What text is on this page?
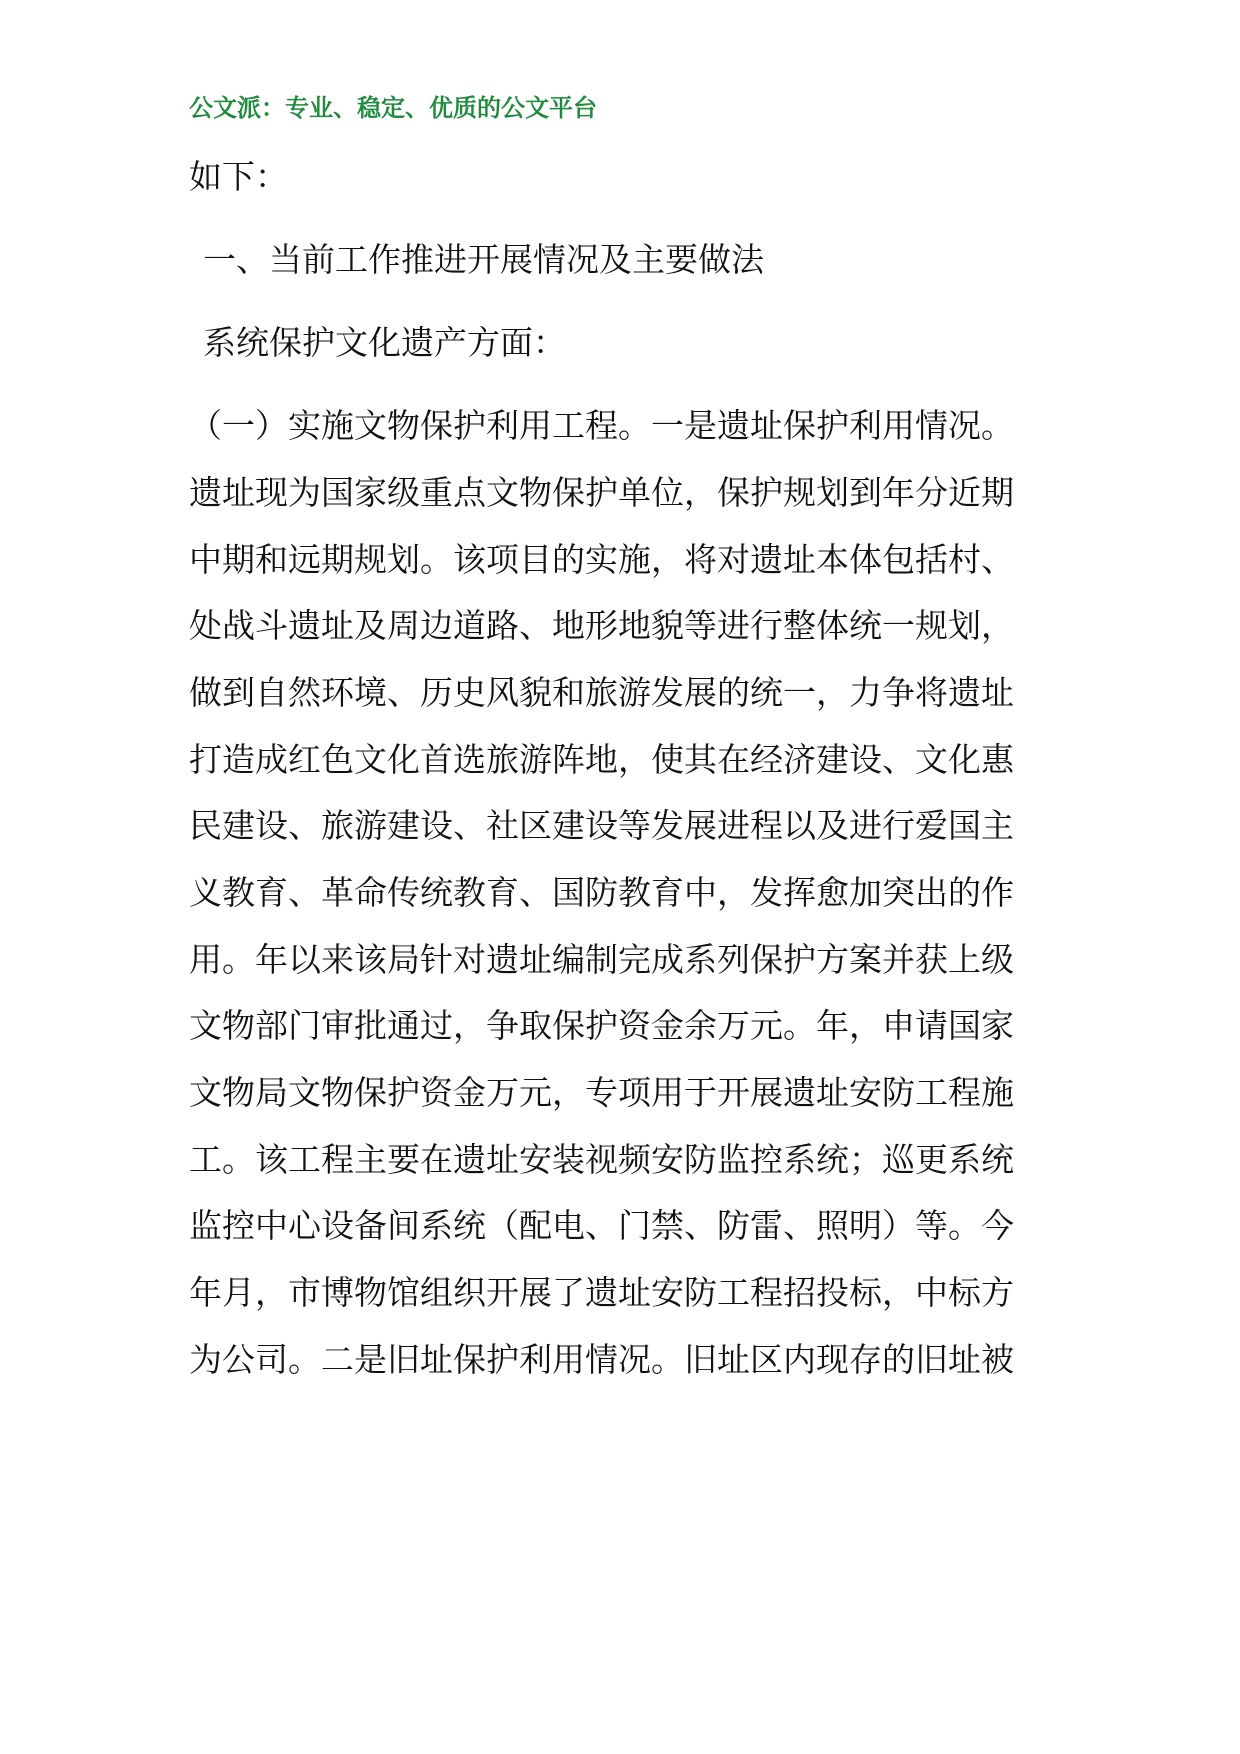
公文派：专业、稳定、优质的公文平台
如下：
一、当前工作推进开展情况及主要做法
系统保护文化遗产方面：
（一）实施文物保护利用工程。一是遗址保护利用情况。
遗址现为国家级重点文物保护单位，保护规划到年分近期
中期和远期规划。该项目的实施，将对遗址本体包括村、
处战斗遗址及周边道路、地形地貌等进行整体统一规划，
做到自然环境、历史风貌和旅游发展的统一，力争将遗址
打造成红色文化首选旅游阵地，使其在经济建设、文化惠
民建设、旅游建设、社区建设等发展进程以及进行爱国主
义教育、革命传统教育、国防教育中，发挥愈加突出的作
用。年以来该局针对遗址编制完成系列保护方案并获上级
文物部门审批通过，争取保护资金余万元。年，申请国家
文物局文物保护资金万元，专项用于开展遗址安防工程施
工。该工程主要在遗址安装视频安防监控系统；巡更系统
监控中心设备间系统（配电、门禁、防雷、照明）等。今
年月，市博物馆组织开展了遗址安防工程招投标，中标方
为公司。二是旧址保护利用情况。旧址区内现存的旧址被
